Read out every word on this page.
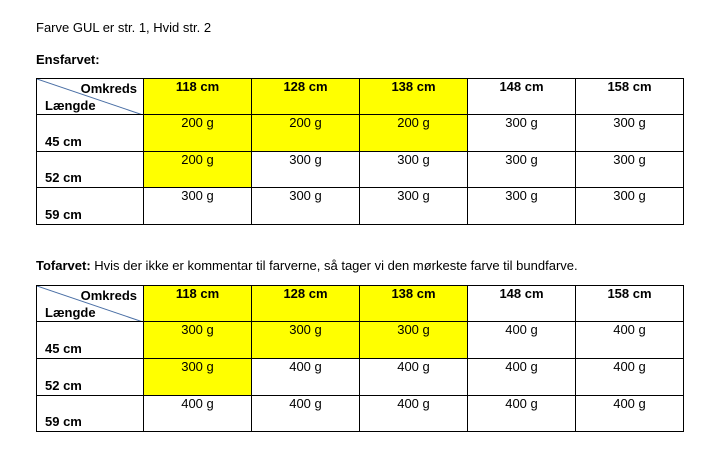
Farve GUL er str. 1, Hvid str. 2
Ensfarvet:
Omkreds
Længde	118 cm	128 cm	138 cm	148 cm	158 cm

45 cm	200 g	200 g	200 g	300 g	300 g

52 cm	200 g	300 g	300 g	300 g	300 g

59 cm	300 g	300 g	300 g	300 g	300 g
Tofarvet: Hvis der ikke er kommentar til farverne, så tager vi den mørkeste farve til bundfarve.
Omkreds
Længde	118 cm	128 cm	138 cm	148 cm	158 cm

45 cm	300 g	300 g	300 g	400 g	400 g

52 cm	300 g	400 g	400 g	400 g	400 g

59 cm	400 g	400 g	400 g	400 g	400 g
